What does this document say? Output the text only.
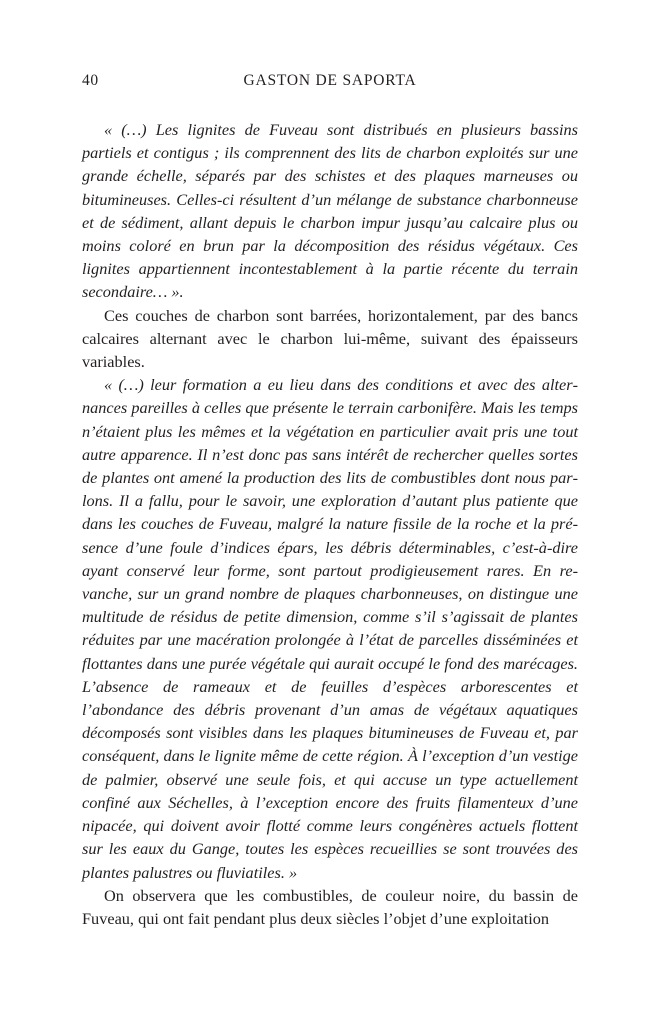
40	GASTON DE SAPORTA

« (…) Les lignites de Fuveau sont distribués en plusieurs bassins partiels et contigus ; ils comprennent des lits de charbon exploités sur une grande échelle, séparés par des schistes et des plaques marneuses ou bitumineuses. Celles-ci résultent d’un mélange de substance charbonneuse et de sédiment, allant depuis le charbon impur jusqu’au calcaire plus ou moins coloré en brun par la décomposition des résidus végétaux. Ces lignites appartiennent incontestablement à la partie récente du terrain secondaire… ».

Ces couches de charbon sont barrées, horizontalement, par des bancs calcaires alternant avec le charbon lui-même, suivant des épaisseurs variables.

« (…) leur formation a eu lieu dans des conditions et avec des alternances pareilles à celles que présente le terrain carbonifère. Mais les temps n’étaient plus les mêmes et la végétation en particulier avait pris une tout autre apparence. Il n’est donc pas sans intérêt de rechercher quelles sortes de plantes ont amené la production des lits de combustibles dont nous parlons. Il a fallu, pour le savoir, une exploration d’autant plus patiente que dans les couches de Fuveau, malgré la nature fissile de la roche et la présence d’une foule d’indices épars, les débris déterminables, c’est-à-dire ayant conservé leur forme, sont partout prodigieusement rares. En revanche, sur un grand nombre de plaques charbonneuses, on distingue une multitude de résidus de petite dimension, comme s’il s’agissait de plantes réduites par une macération prolongée à l’état de parcelles disséminées et flottantes dans une purée végétale qui aurait occupé le fond des marécages. L’absence de rameaux et de feuilles d’espèces arborescentes et l’abondance des débris provenant d’un amas de végétaux aquatiques décomposés sont visibles dans les plaques bitumineuses de Fuveau et, par conséquent, dans le lignite même de cette région. À l’exception d’un vestige de palmier, observé une seule fois, et qui accuse un type actuellement confiné aux Séchelles, à l’exception encore des fruits filamenteux d’une nipacée, qui doivent avoir flotté comme leurs congénères actuels flottent sur les eaux du Gange, toutes les espèces recueillies se sont trouvées des plantes palustres ou fluviatiles. »

On observera que les combustibles, de couleur noire, du bassin de Fuveau, qui ont fait pendant plus deux siècles l’objet d’une exploitation
